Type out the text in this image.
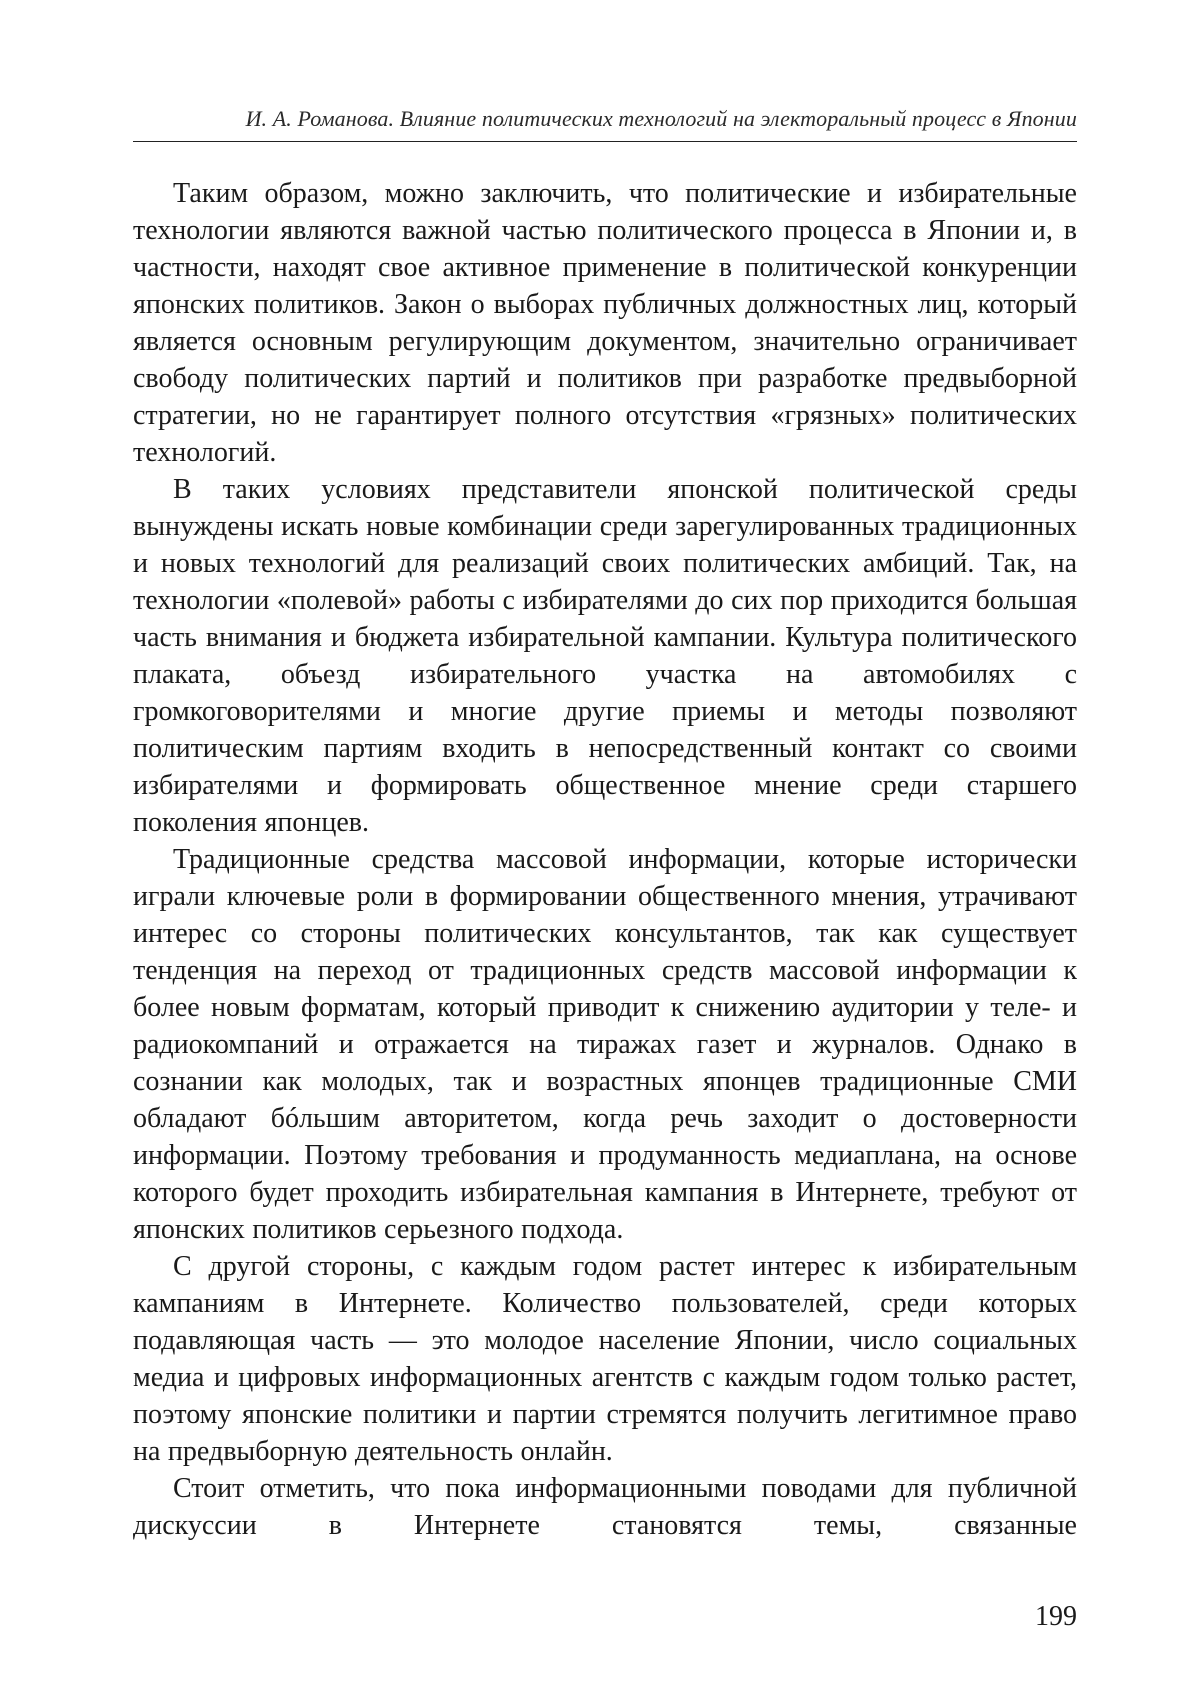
И. А. Романова. Влияние политических технологий на электоральный процесс в Японии

Таким образом, можно заключить, что политические и избирательные технологии являются важной частью политического процесса в Японии и, в частности, находят свое активное применение в политической конкуренции японских политиков. Закон о выборах публичных должностных лиц, который является основным регулирующим документом, значительно ограничивает свободу политических партий и политиков при разработке предвыборной стратегии, но не гарантирует полного отсутствия «грязных» политических технологий.

В таких условиях представители японской политической среды вынуждены искать новые комбинации среди зарегулированных традиционных и новых технологий для реализаций своих политических амбиций. Так, на технологии «полевой» работы с избирателями до сих пор приходится большая часть внимания и бюджета избирательной кампании. Культура политического плаката, объезд избирательного участка на автомобилях с громкоговорителями и многие другие приемы и методы позволяют политическим партиям входить в непосредственный контакт со своими избирателями и формировать общественное мнение среди старшего поколения японцев.

Традиционные средства массовой информации, которые исторически играли ключевые роли в формировании общественного мнения, утрачивают интерес со стороны политических консультантов, так как существует тенденция на переход от традиционных средств массовой информации к более новым форматам, который приводит к снижению аудитории у теле- и радиокомпаний и отражается на тиражах газет и журналов. Однако в сознании как молодых, так и возрастных японцев традиционные СМИ обладают бóльшим авторитетом, когда речь заходит о достоверности информации. Поэтому требования и продуманность медиаплана, на основе которого будет проходить избирательная кампания в Интернете, требуют от японских политиков серьезного подхода.

С другой стороны, с каждым годом растет интерес к избирательным кампаниям в Интернете. Количество пользователей, среди которых подавляющая часть — это молодое население Японии, число социальных медиа и цифровых информационных агентств с каждым годом только растет, поэтому японские политики и партии стремятся получить легитимное право на предвыборную деятельность онлайн.

Стоит отметить, что пока информационными поводами для публичной дискуссии в Интернете становятся темы, связанные

199
